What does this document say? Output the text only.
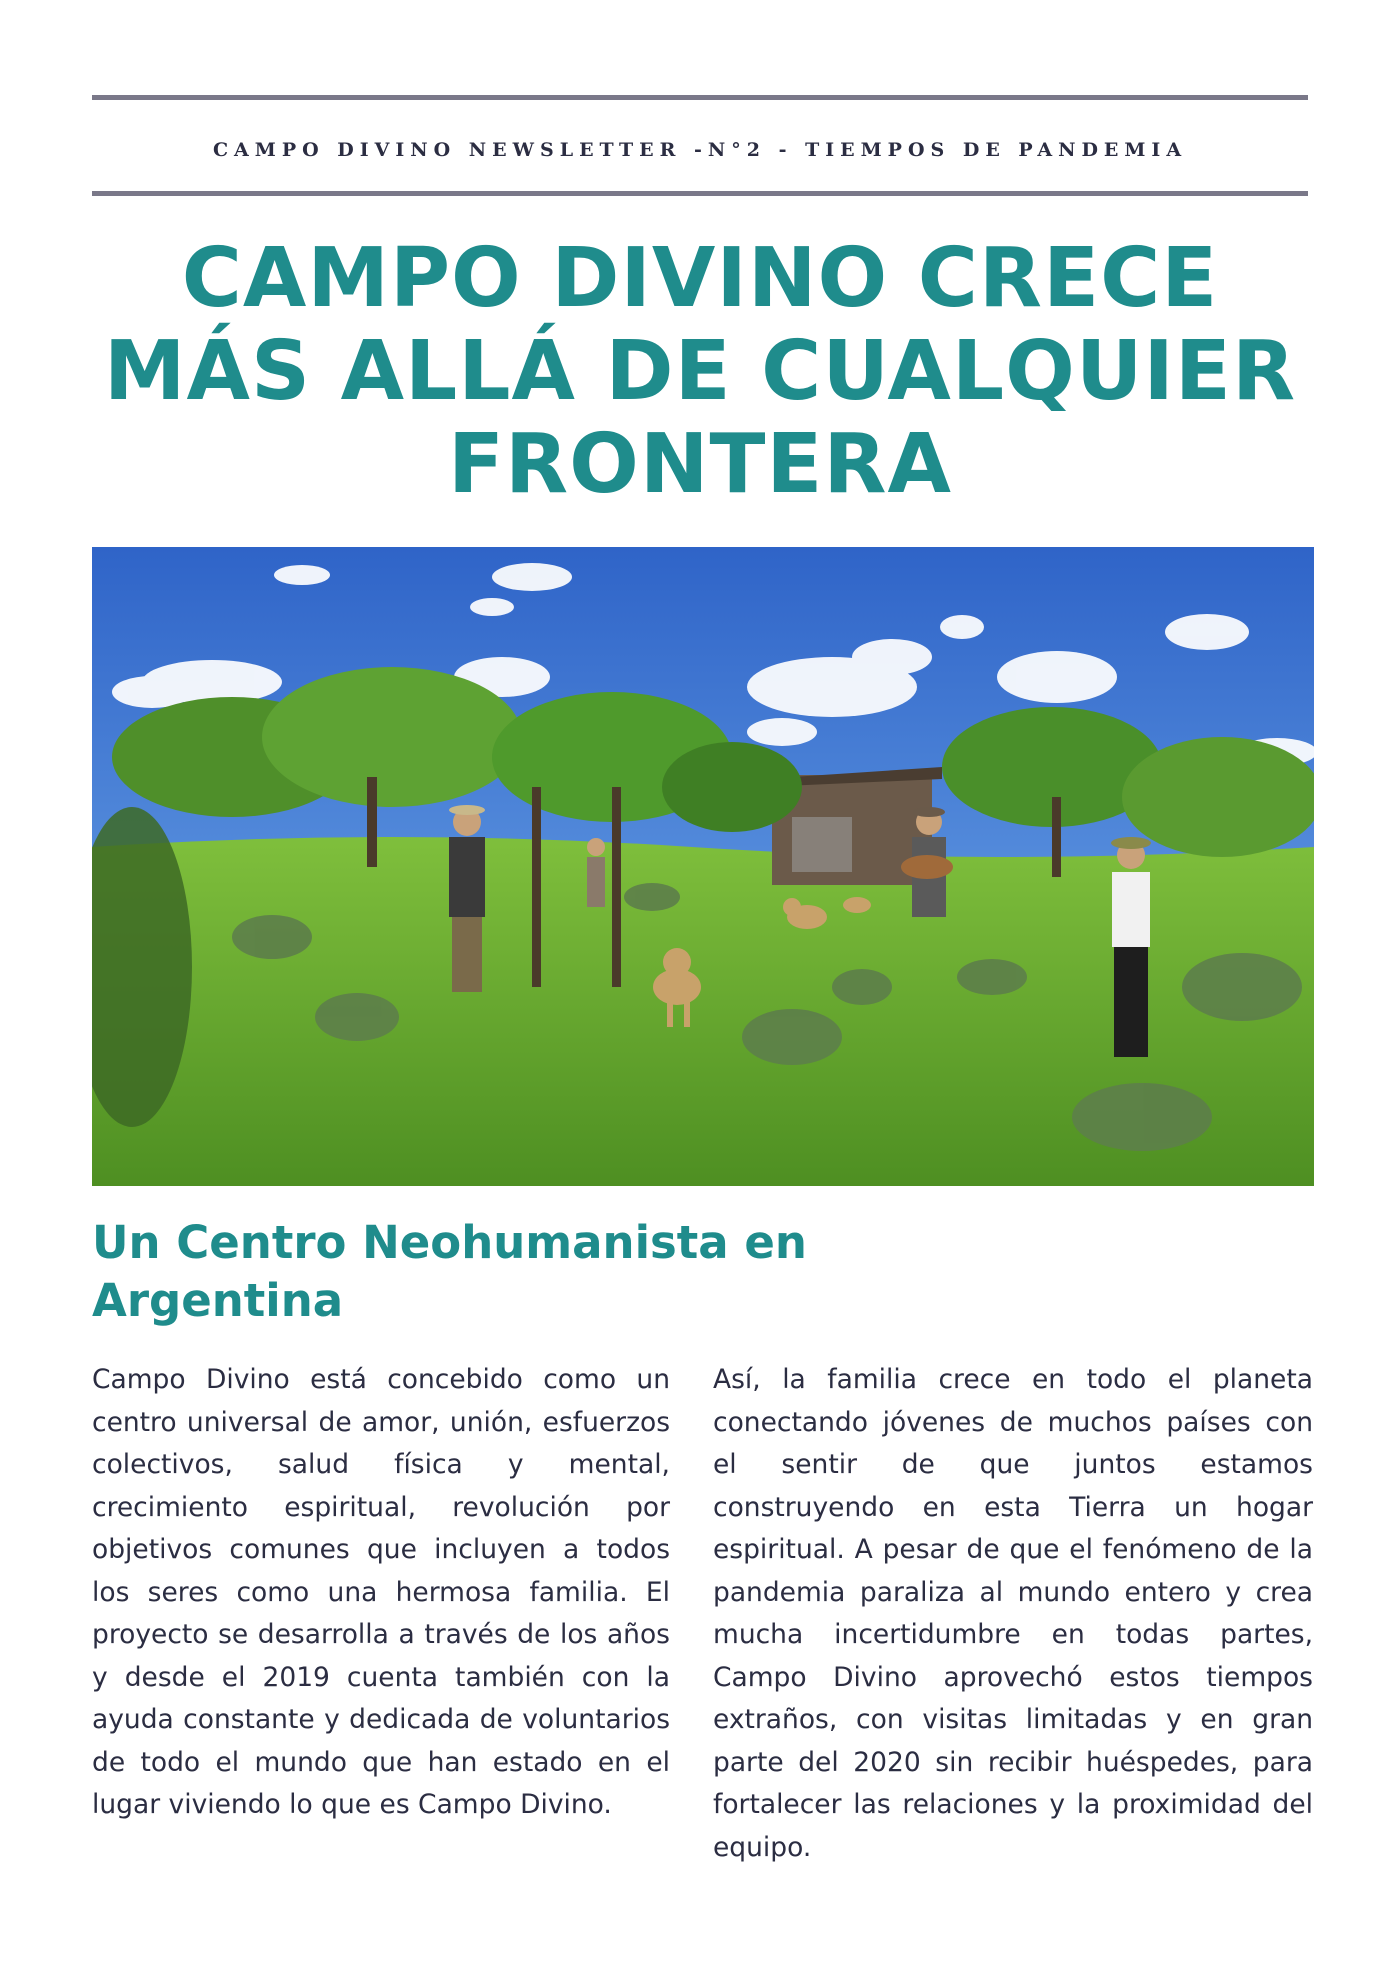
CAMPO DIVINO NEWSLETTER -N°2 - TIEMPOS DE PANDEMIA
CAMPO DIVINO CRECE MÁS ALLÁ DE CUALQUIER FRONTERA
Un Centro Neohumanista en Argentina

Campo Divino está concebido como un centro universal de amor, unión, esfuerzos colectivos, salud física y mental, crecimiento espiritual, revolución por objetivos comunes que incluyen a todos los seres como una hermosa familia. El proyecto se desarrolla a través de los años y desde el 2019 cuenta también con la ayuda constante y dedicada de voluntarios de todo el mundo que han estado en el lugar viviendo lo que es Campo Divino.

Así, la familia crece en todo el planeta conectando jóvenes de muchos países con el sentir de que juntos estamos construyendo en esta Tierra un hogar espiritual. A pesar de que el fenómeno de la pandemia paraliza al mundo entero y crea mucha incertidumbre en todas partes, Campo Divino aprovechó estos tiempos extraños, con visitas limitadas y en gran parte del 2020 sin recibir huéspedes, para fortalecer las relaciones y la proximidad del equipo.
